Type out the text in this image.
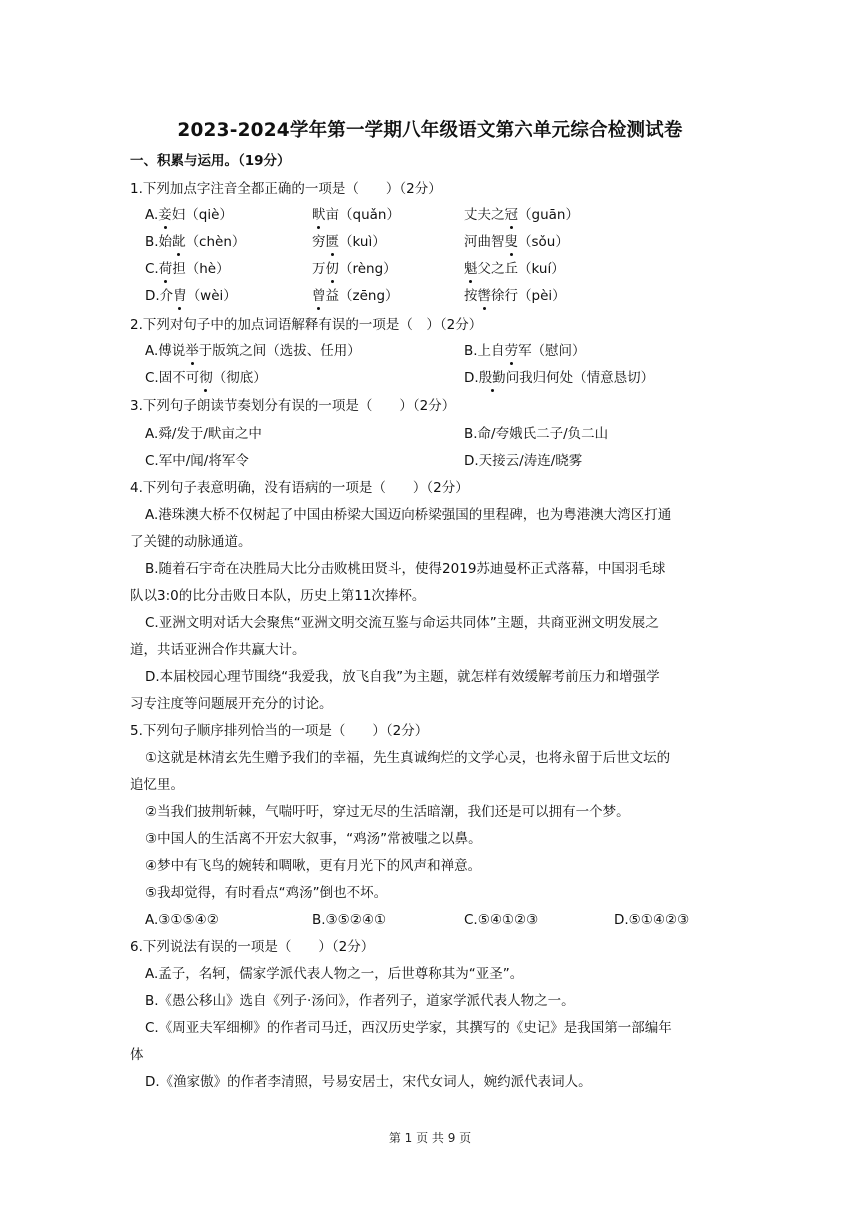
2023-2024学年第一学期八年级语文第六单元综合检测试卷
一、积累与运用。（19分）
1.下列加点字注音全都正确的一项是（　　）（2分）
A.妾妇（qiè）	畎亩（quǎn）	丈夫之冠（guān）
B.始龀（chèn）	穷匮（kuì）	河曲智叟（sǒu）
C.荷担（hè）	万仞（rèng）	魁父之丘（kuí）
D.介胄（wèi）	曾益（zēng）	按辔徐行（pèi）
2.下列对句子中的加点词语解释有误的一项是（　）（2分）
A.傅说举于版筑之间（选拔、任用）	B.上自劳军（慰问）
C.固不可彻（彻底）	D.殷勤问我归何处（情意恳切）
3.下列句子朗读节奏划分有误的一项是（　　）（2分）
A.舜/发于/畎亩之中	B.命/夸娥氏二子/负二山
C.军中/闻/将军令	D.天接云/涛连/晓雾
4.下列句子表意明确，没有语病的一项是（　　）（2分）
A.港珠澳大桥不仅树起了中国由桥梁大国迈向桥梁强国的里程碑，也为粤港澳大湾区打通
了关键的动脉通道。
B.随着石宇奇在决胜局大比分击败桃田贤斗，使得2019苏迪曼杯正式落幕，中国羽毛球
队以3:0的比分击败日本队，历史上第11次捧杯。
C.亚洲文明对话大会聚焦“亚洲文明交流互鉴与命运共同体”主题，共商亚洲文明发展之
道，共话亚洲合作共赢大计。
D.本届校园心理节围绕“我爱我，放飞自我”为主题，就怎样有效缓解考前压力和增强学
习专注度等问题展开充分的讨论。
5.下列句子顺序排列恰当的一项是（　　）（2分）
①这就是林清玄先生赠予我们的幸福，先生真诚绚烂的文学心灵，也将永留于后世文坛的
追忆里。
②当我们披荆斩棘，气喘吁吁，穿过无尽的生活暗潮，我们还是可以拥有一个梦。
③中国人的生活离不开宏大叙事，“鸡汤”常被嗤之以鼻。
④梦中有飞鸟的婉转和啁啾，更有月光下的风声和禅意。
⑤我却觉得，有时看点“鸡汤”倒也不坏。
A.③①⑤④②	B.③⑤②④①	C.⑤④①②③	D.⑤①④②③
6.下列说法有误的一项是（　　）（2分）
A.孟子，名轲，儒家学派代表人物之一，后世尊称其为“亚圣”。
B.《愚公移山》选自《列子·汤问》，作者列子，道家学派代表人物之一。
C.《周亚夫军细柳》的作者司马迁，西汉历史学家，其撰写的《史记》是我国第一部编年
体
D.《渔家傲》的作者李清照，号易安居士，宋代女词人，婉约派代表词人。
第 1 页 共 9 页
